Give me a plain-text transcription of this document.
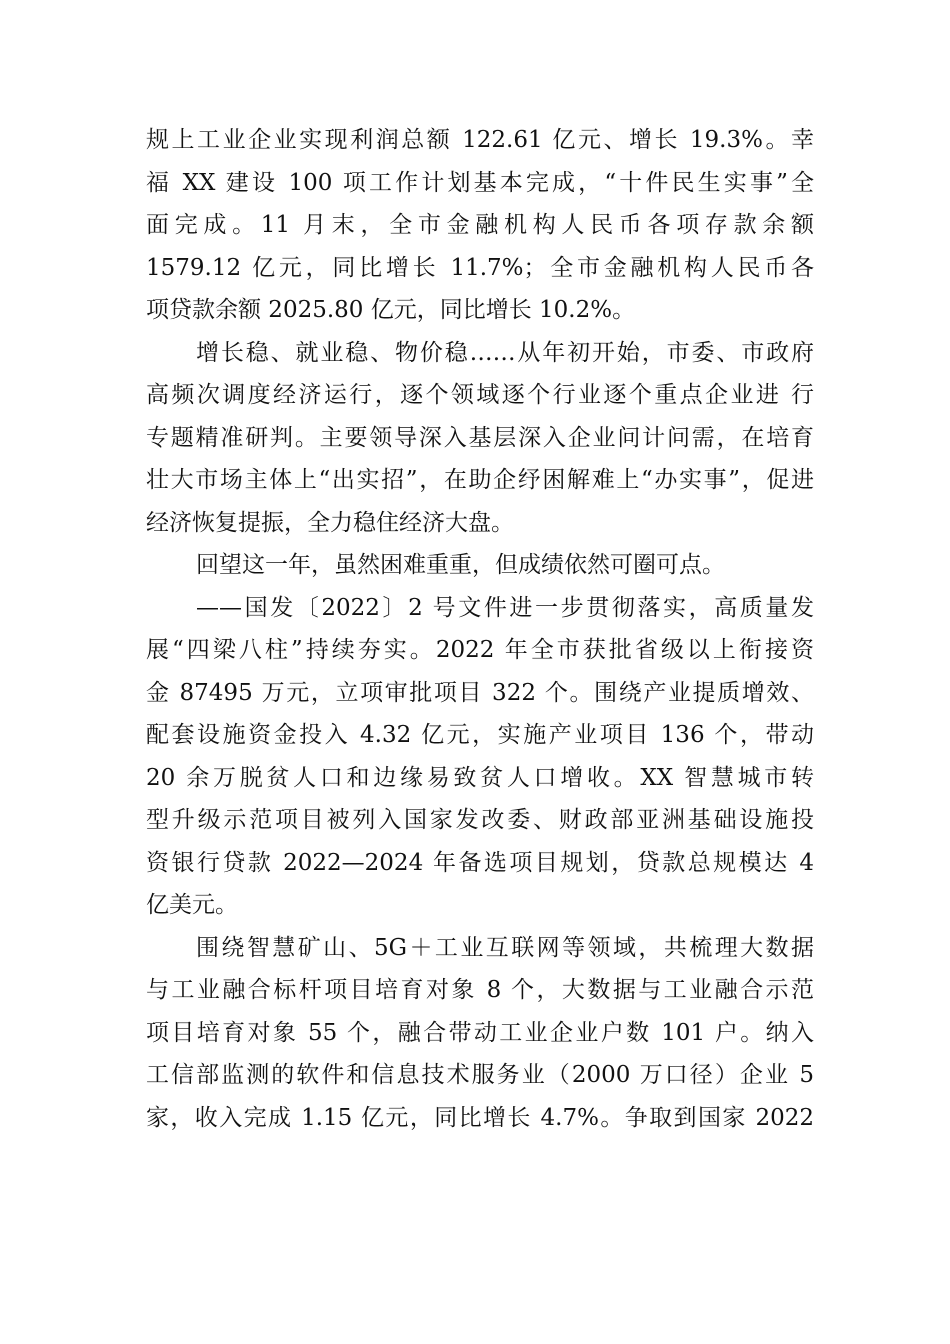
规上工业企业实现利润总额 122.61 亿元、增长 19.3%。幸
福 XX 建设 100 项工作计划基本完成，“十件民生实事”全
面完成。11 月末，全市金融机构人民币各项存款余额
1579.12 亿元，同比增长 11.7%；全市金融机构人民币各
项贷款余额 2025.80 亿元，同比增长 10.2%。
增长稳、就业稳、物价稳……从年初开始，市委、市政府
高频次调度经济运行，逐个领域逐个行业逐个重点企业进 行
专题精准研判。主要领导深入基层深入企业问计问需，在培育
壮大市场主体上“出实招”，在助企纾困解难上“办实事”，促进
经济恢复提振，全力稳住经济大盘。
回望这一年，虽然困难重重，但成绩依然可圈可点。
——国发〔2022〕2 号文件进一步贯彻落实，高质量发
展“四梁八柱”持续夯实。2022 年全市获批省级以上衔接资
金 87495 万元，立项审批项目 322 个。围绕产业提质增效、
配套设施资金投入 4.32 亿元，实施产业项目 136 个，带动
20 余万脱贫人口和边缘易致贫人口增收。XX 智慧城市转
型升级示范项目被列入国家发改委、财政部亚洲基础设施投
资银行贷款 2022—2024 年备选项目规划，贷款总规模达 4
亿美元。
围绕智慧矿山、5G＋工业互联网等领域，共梳理大数据
与工业融合标杆项目培育对象 8 个，大数据与工业融合示范
项目培育对象 55 个，融合带动工业企业户数 101 户。纳入
工信部监测的软件和信息技术服务业（2000 万口径）企业 5
家，收入完成 1.15 亿元，同比增长 4.7%。争取到国家 2022
